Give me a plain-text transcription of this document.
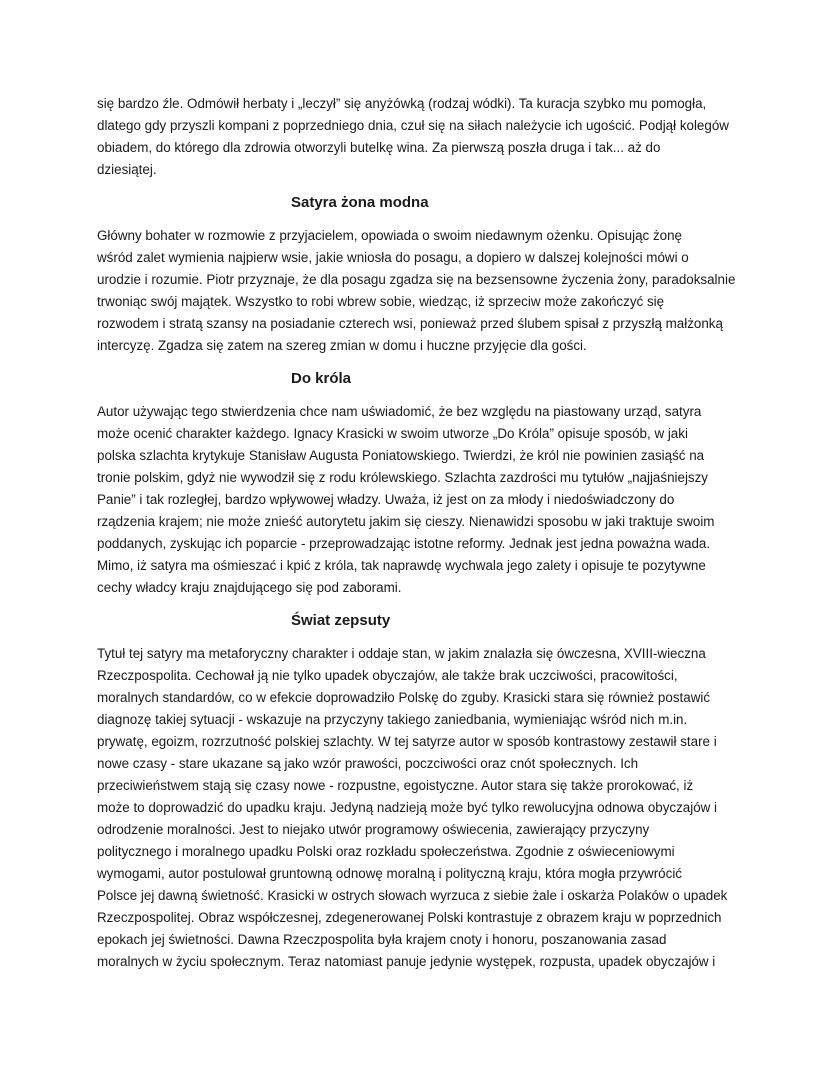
się bardzo źle. Odmówił herbaty i „leczył” się anyżówką (rodzaj wódki). Ta kuracja szybko mu pomogła,
dlatego gdy przyszli kompani z poprzedniego dnia, czuł się na siłach należycie ich ugościć. Podjął kolegów
obiadem, do którego dla zdrowia otworzyli butelkę wina. Za pierwszą poszła druga i tak... aż do
dziesiątej.

Satyra żona modna

Główny bohater w rozmowie z przyjacielem, opowiada o swoim niedawnym ożenku. Opisując żonę
wśród zalet wymienia najpierw wsie, jakie wniosła do posagu, a dopiero w dalszej kolejności mówi o
urodzie i rozumie. Piotr przyznaje, że dla posagu zgadza się na bezsensowne życzenia żony, paradoksalnie
trwoniąc swój majątek. Wszystko to robi wbrew sobie, wiedząc, iż sprzeciw może zakończyć się
rozwodem i stratą szansy na posiadanie czterech wsi, ponieważ przed ślubem spisał z przyszłą małżonką
intercyzę. Zgadza się zatem na szereg zmian w domu i huczne przyjęcie dla gości.

Do króla

Autor używając tego stwierdzenia chce nam uświadomić, że bez względu na piastowany urząd, satyra
może ocenić charakter każdego. Ignacy Krasicki w swoim utworze „Do Króla” opisuje sposób, w jaki
polska szlachta krytykuje Stanisław Augusta Poniatowskiego. Twierdzi, że król nie powinien zasiąść na
tronie polskim, gdyż nie wywodził się z rodu królewskiego. Szlachta zazdrości mu tytułów „najjaśniejszy
Panie” i tak rozległej, bardzo wpływowej władzy. Uważa, iż jest on za młody i niedoświadczony do
rządzenia krajem; nie może znieść autorytetu jakim się cieszy. Nienawidzi sposobu w jaki traktuje swoim
poddanych, zyskując ich poparcie - przeprowadzając istotne reformy. Jednak jest jedna poważna wada.
Mimo, iż satyra ma ośmieszać i kpić z króla, tak naprawdę wychwala jego zalety i opisuje te pozytywne
cechy władcy kraju znajdującego się pod zaborami.

Świat zepsuty

Tytuł tej satyry ma metaforyczny charakter i oddaje stan, w jakim znalazła się ówczesna, XVIII-wieczna
Rzeczpospolita. Cechował ją nie tylko upadek obyczajów, ale także brak uczciwości, pracowitości,
moralnych standardów, co w efekcie doprowadziło Polskę do zguby. Krasicki stara się również postawić
diagnozę takiej sytuacji - wskazuje na przyczyny takiego zaniedbania, wymieniając wśród nich m.in.
prywatę, egoizm, rozrzutność polskiej szlachty. W tej satyrze autor w sposób kontrastowy zestawił stare i
nowe czasy - stare ukazane są jako wzór prawości, poczciwości oraz cnót społecznych. Ich
przeciwieństwem stają się czasy nowe - rozpustne, egoistyczne. Autor stara się także prorokować, iż
może to doprowadzić do upadku kraju. Jedyną nadzieją może być tylko rewolucyjna odnowa obyczajów i
odrodzenie moralności. Jest to niejako utwór programowy oświecenia, zawierający przyczyny
politycznego i moralnego upadku Polski oraz rozkładu społeczeństwa. Zgodnie z oświeceniowymi
wymogami, autor postulował gruntowną odnowę moralną i polityczną kraju, która mogła przywrócić
Polsce jej dawną świetność. Krasicki w ostrych słowach wyrzuca z siebie żale i oskarża Polaków o upadek
Rzeczpospolitej. Obraz współczesnej, zdegenerowanej Polski kontrastuje z obrazem kraju w poprzednich
epokach jej świetności. Dawna Rzeczpospolita była krajem cnoty i honoru, poszanowania zasad
moralnych w życiu społecznym. Teraz natomiast panuje jedynie występek, rozpusta, upadek obyczajów i
